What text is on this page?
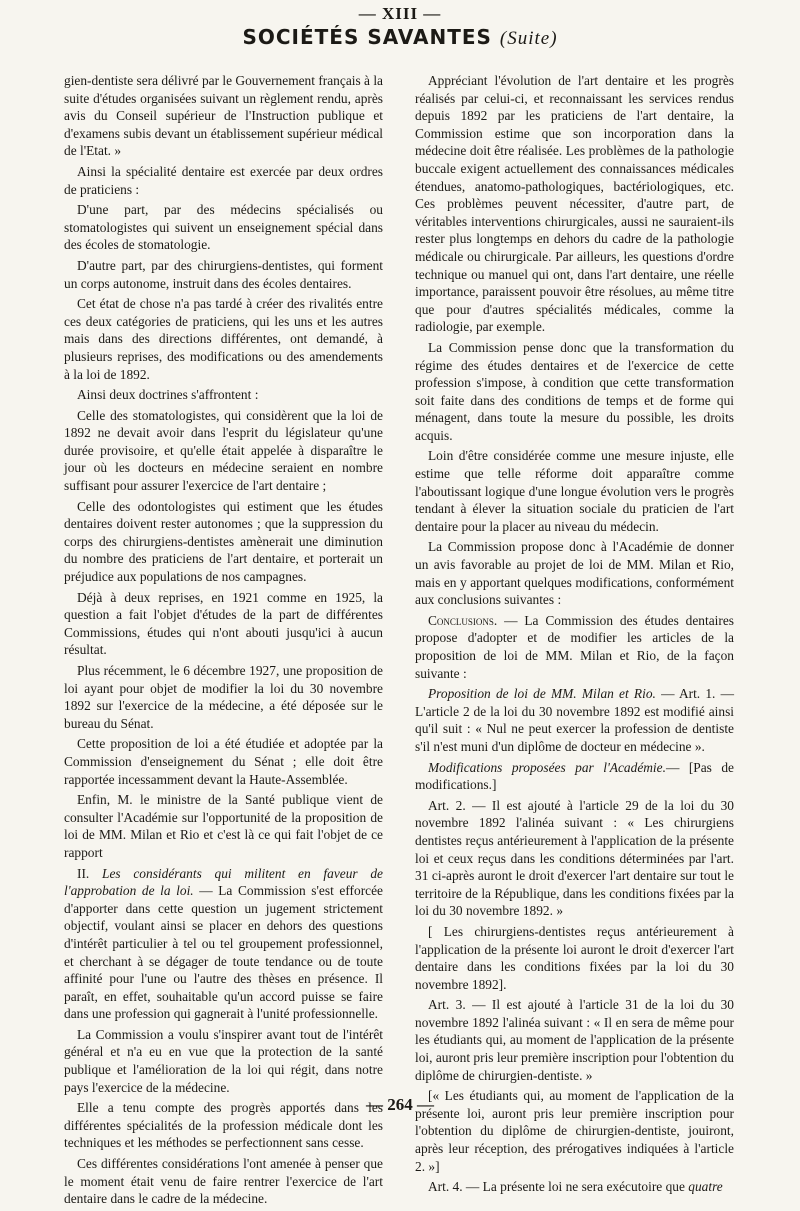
— XIII —
SOCIÉTÉS SAVANTES (Suite)

gien-dentiste sera délivré par le Gouvernement français à la suite d'études organisées suivant un règlement rendu, après avis du Conseil supérieur de l'Instruction publique et d'examens subis devant un établissement supérieur médical de l'Etat. »

Ainsi la spécialité dentaire est exercée par deux ordres de praticiens :

D'une part, par des médecins spécialisés ou stomatologistes qui suivent un enseignement spécial dans des écoles de stomatologie.

D'autre part, par des chirurgiens-dentistes, qui forment un corps autonome, instruit dans des écoles dentaires.

Cet état de chose n'a pas tardé à créer des rivalités entre ces deux catégories de praticiens, qui les uns et les autres mais dans des directions différentes, ont demandé, à plusieurs reprises, des modifications ou des amendements à la loi de 1892.

Ainsi deux doctrines s'affrontent :

Celle des stomatologistes, qui considèrent que la loi de 1892 ne devait avoir dans l'esprit du législateur qu'une durée provisoire, et qu'elle était appelée à disparaître le jour où les docteurs en médecine seraient en nombre suffisant pour assurer l'exercice de l'art dentaire ;

Celle des odontologistes qui estiment que les études dentaires doivent rester autonomes ; que la suppression du corps des chirurgiens-dentistes amènerait une diminution du nombre des praticiens de l'art dentaire, et porterait un préjudice aux populations de nos campagnes.

Déjà à deux reprises, en 1921 comme en 1925, la question a fait l'objet d'études de la part de différentes Commissions, études qui n'ont abouti jusqu'ici à aucun résultat.

Plus récemment, le 6 décembre 1927, une proposition de loi ayant pour objet de modifier la loi du 30 novembre 1892 sur l'exercice de la médecine, a été déposée sur le bureau du Sénat.

Cette proposition de loi a été étudiée et adoptée par la Commission d'enseignement du Sénat ; elle doit être rapportée incessamment devant la Haute-Assemblée.

Enfin, M. le ministre de la Santé publique vient de consulter l'Académie sur l'opportunité de la proposition de loi de MM. Milan et Rio et c'est là ce qui fait l'objet de ce rapport

II. Les considérants qui militent en faveur de l'approbation de la loi. — La Commission s'est efforcée d'apporter dans cette question un jugement strictement objectif, voulant ainsi se placer en dehors des questions d'intérêt particulier à tel ou tel groupement professionnel, et cherchant à se dégager de toute tendance ou de toute affinité pour l'une ou l'autre des thèses en présence. Il paraît, en effet, souhaitable qu'un accord puisse se faire dans une profession qui gagnerait à l'unité professionnelle.

La Commission a voulu s'inspirer avant tout de l'intérêt général et n'a eu en vue que la protection de la santé publique et l'amélioration de la loi qui régit, dans notre pays l'exercice de la médecine.

Elle a tenu compte des progrès apportés dans les différentes spécialités de la profession médicale dont les techniques et les méthodes se perfectionnent sans cesse.

Ces différentes considérations l'ont amenée à penser que le moment était venu de faire rentrer l'exercice de l'art dentaire dans le cadre de la médecine.

Appréciant l'évolution de l'art dentaire et les progrès réalisés par celui-ci, et reconnaissant les services rendus depuis 1892 par les praticiens de l'art dentaire, la Commission estime que son incorporation dans la médecine doit être réalisée. Les problèmes de la pathologie buccale exigent actuellement des connaissances médicales étendues, anatomo-pathologiques, bactériologiques, etc. Ces problèmes peuvent nécessiter, d'autre part, de véritables interventions chirurgicales, aussi ne sauraient-ils rester plus longtemps en dehors du cadre de la pathologie médicale ou chirurgicale. Par ailleurs, les questions d'ordre technique ou manuel qui ont, dans l'art dentaire, une réelle importance, paraissent pouvoir être résolues, au même titre que pour d'autres spécialités médicales, comme la radiologie, par exemple.

La Commission pense donc que la transformation du régime des études dentaires et de l'exercice de cette profession s'impose, à condition que cette transformation soit faite dans des conditions de temps et de forme qui ménagent, dans toute la mesure du possible, les droits acquis.

Loin d'être considérée comme une mesure injuste, elle estime que telle réforme doit apparaître comme l'aboutissant logique d'une longue évolution vers le progrès tendant à élever la situation sociale du praticien de l'art dentaire pour la placer au niveau du médecin.

La Commission propose donc à l'Académie de donner un avis favorable au projet de loi de MM. Milan et Rio, mais en y apportant quelques modifications, conformément aux conclusions suivantes :

Conclusions. — La Commission des études dentaires propose d'adopter et de modifier les articles de la proposition de loi de MM. Milan et Rio, de la façon suivante :

Proposition de loi de MM. Milan et Rio. — Art. 1. — L'article 2 de la loi du 30 novembre 1892 est modifié ainsi qu'il suit : « Nul ne peut exercer la profession de dentiste s'il n'est muni d'un diplôme de docteur en médecine ».

Modifications proposées par l'Académie.— [Pas de modifications.]

Art. 2. — Il est ajouté à l'article 29 de la loi du 30 novembre 1892 l'alinéa suivant : « Les chirurgiens dentistes reçus antérieurement à l'application de la présente loi et ceux reçus dans les conditions déterminées par l'art. 31 ci-après auront le droit d'exercer l'art dentaire sur tout le territoire de la République, dans les conditions fixées par la loi du 30 novembre 1892. »

[ Les chirurgiens-dentistes reçus antérieurement à l'application de la présente loi auront le droit d'exercer l'art dentaire dans les conditions fixées par la loi du 30 novembre 1892].

Art. 3. — Il est ajouté à l'article 31 de la loi du 30 novembre 1892 l'alinéa suivant : « Il en sera de même pour les étudiants qui, au moment de l'application de la présente loi, auront pris leur première inscription pour l'obtention du diplôme de chirurgien-dentiste. »

[« Les étudiants qui, au moment de l'application de la présente loi, auront pris leur première inscription pour l'obtention du diplôme de chirurgien-dentiste, jouiront, après leur réception, des prérogatives indiquées à l'article 2. »]

Art. 4. — La présente loi ne sera exécutoire que quatre

— 264 —
